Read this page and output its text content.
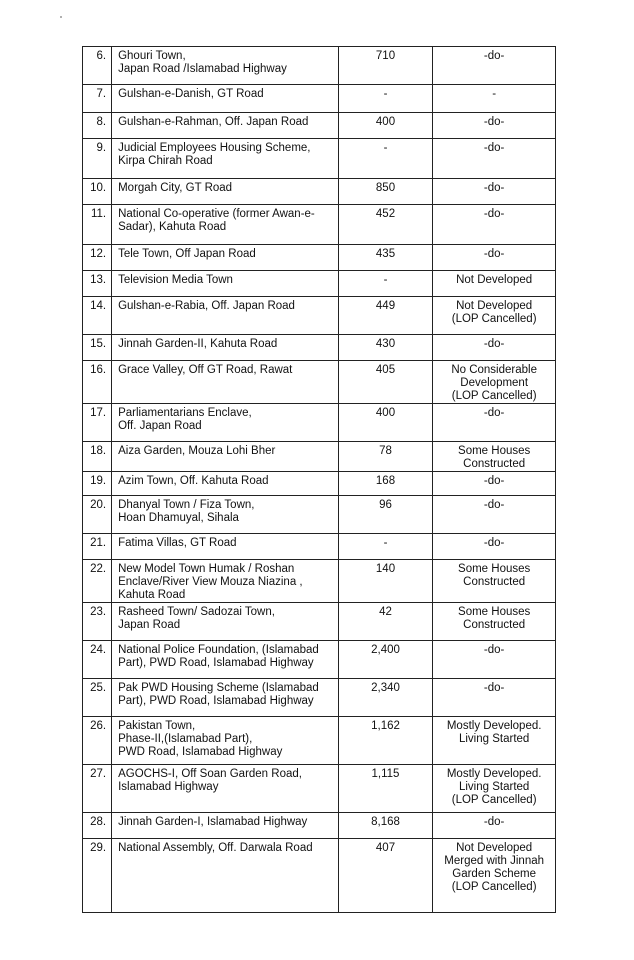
6.	Ghouri Town,
Japan Road /Islamabad Highway	710	-do-

7.	Gulshan-e-Danish, GT Road	-	-

8.	Gulshan-e-Rahman, Off. Japan Road	400	-do-

9.	Judicial Employees Housing Scheme,
Kirpa Chirah Road	-	-do-

10.	Morgah City, GT Road	850	-do-

11.	National Co-operative (former Awan-e-
Sadar), Kahuta Road	452	-do-

12.	Tele Town, Off Japan Road	435	-do-

13.	Television Media Town	-	Not Developed

14.	Gulshan-e-Rabia, Off. Japan Road	449	Not Developed
(LOP Cancelled)

15.	Jinnah Garden-II, Kahuta Road	430	-do-

16.	Grace Valley, Off GT Road, Rawat	405	No Considerable
Development
(LOP Cancelled)

17.	Parliamentarians Enclave,
Off. Japan Road	400	-do-

18.	Aiza Garden, Mouza Lohi Bher	78	Some Houses
Constructed

19.	Azim Town, Off. Kahuta Road	168	-do-

20.	Dhanyal Town / Fiza Town,
Hoan Dhamuyal, Sihala	96	-do-

21.	Fatima Villas, GT Road	-	-do-

22.	New Model Town Humak / Roshan
Enclave/River View Mouza Niazina ,
Kahuta Road	140	Some Houses
Constructed

23.	Rasheed Town/ Sadozai Town,
Japan Road	42	Some Houses
Constructed

24.	National Police Foundation, (Islamabad
Part), PWD Road, Islamabad Highway	2,400	-do-

25.	Pak PWD Housing Scheme (Islamabad
Part), PWD Road, Islamabad Highway	2,340	-do-

26.	Pakistan Town,
Phase-II,(Islamabad Part),
PWD Road, Islamabad Highway	1,162	Mostly Developed.
Living Started

27.	AGOCHS-I, Off Soan Garden Road,
Islamabad Highway	1,115	Mostly Developed.
Living Started
(LOP Cancelled)

28.	Jinnah Garden-I, Islamabad Highway	8,168	-do-

29.	National Assembly, Off. Darwala Road	407	Not Developed
Merged with Jinnah
Garden Scheme
(LOP Cancelled)
